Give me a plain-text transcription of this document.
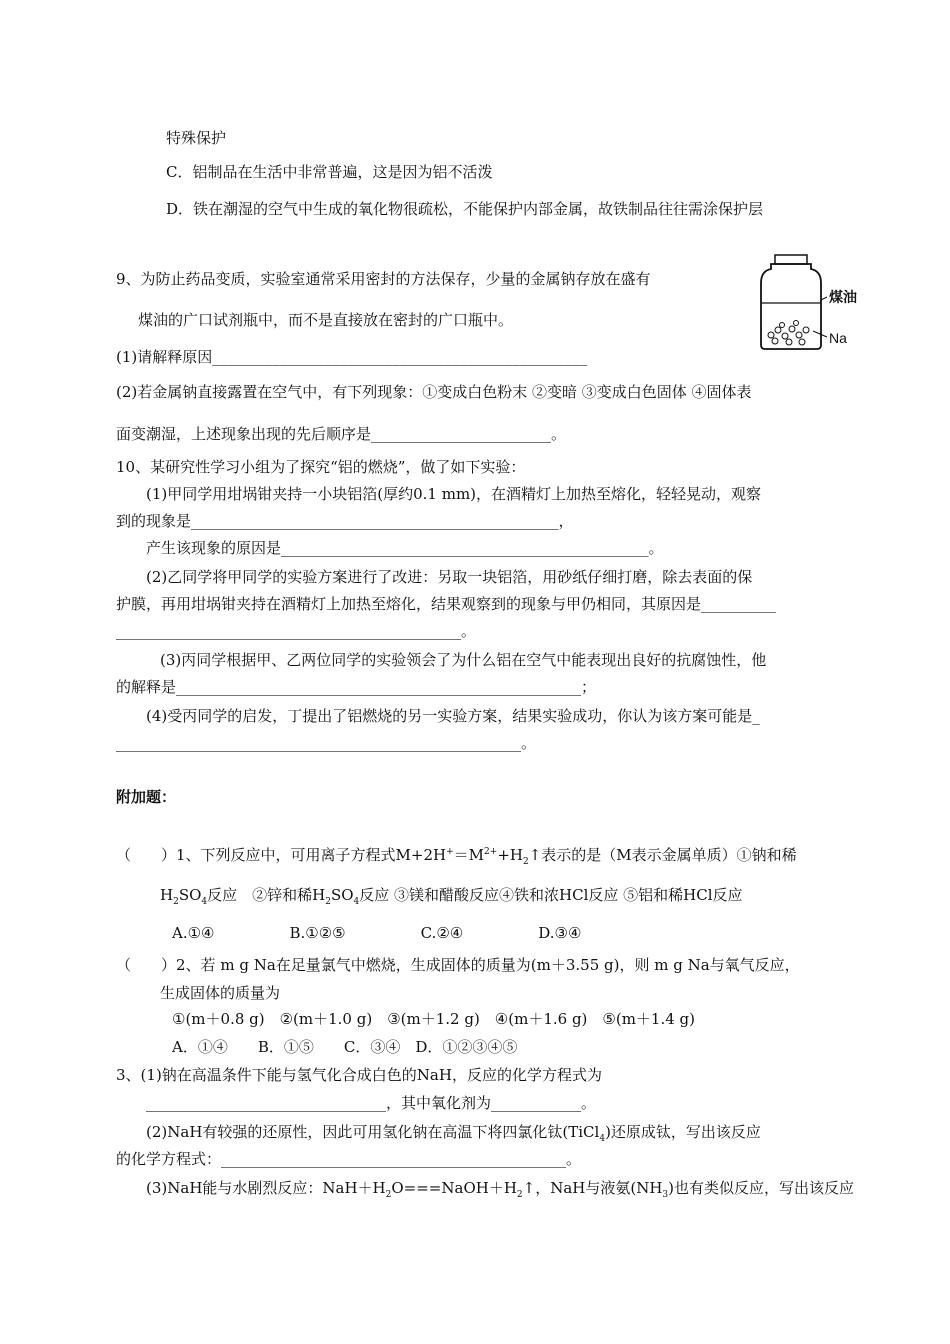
特殊保护
C．铝制品在生活中非常普遍，这是因为铝不活泼
D．铁在潮湿的空气中生成的氧化物很疏松，不能保护内部金属，故铁制品往往需涂保护层
9、为防止药品变质，实验室通常采用密封的方法保存，少量的金属钠存放在盛有
煤油的广口试剂瓶中，而不是直接放在密封的广口瓶中。
(1)请解释原因__________________________________________________
(2)若金属钠直接露置在空气中，有下列现象：①变成白色粉末 ②变暗 ③变成白色固体 ④固体表
面变潮湿，上述现象出现的先后顺序是________________________。
煤油
Na
10、某研究性学习小组为了探究“铝的燃烧”，做了如下实验：
(1)甲同学用坩埚钳夹持一小块铝箔(厚约0.1 mm)，在酒精灯上加热至熔化，轻轻晃动，观察
到的现象是_________________________________________________，
产生该现象的原因是_________________________________________________。
(2)乙同学将甲同学的实验方案进行了改进：另取一块铝箔，用砂纸仔细打磨，除去表面的保
护膜，再用坩埚钳夹持在酒精灯上加热至熔化，结果观察到的现象与甲仍相同，其原因是__________
______________________________________________。
(3)丙同学根据甲、乙两位同学的实验领会了为什么铝在空气中能表现出良好的抗腐蚀性，他
的解释是______________________________________________________；
(4)受丙同学的启发，丁提出了铝燃烧的另一实验方案，结果实验成功，你认为该方案可能是_
______________________________________________________。
附加题：
（　　）1、下列反应中，可用离子方程式$M+2H^+=M^{2+}+H_2↑$表示的是（M表示金属单质）①钠和稀
$H_2SO_4$反应　②锌和稀$H_2SO_4$反应 ③镁和醋酸反应④铁和浓HCl反应 ⑤铝和稀HCl反应
A.①④　　　　　B.①②⑤　　　　　C.②④　　　　　D.③④
（　　）2、若 m g Na在足量氯气中燃烧，生成固体的质量为(m＋3.55 g)，则 m g Na与氧气反应，
生成固体的质量为
①(m＋0.8 g)　②(m＋1.0 g)　③(m＋1.2 g)　④(m＋1.6 g)　⑤(m＋1.4 g)
A．①④　　B．①⑤　　C．③④　D．①②③④⑤
3、(1)钠在高温条件下能与氢气化合成白色的NaH，反应的化学方程式为
________________________________，其中氧化剂为____________。
(2)NaH有较强的还原性，因此可用氢化钠在高温下将四氯化钛(TiCl$_4$)还原成钛，写出该反应
的化学方程式：______________________________________________。
(3)NaH能与水剧烈反应：$NaH+H_2O===NaOH+H_2↑$，NaH与液氨$(NH_3)$也有类似反应，写出该反应
